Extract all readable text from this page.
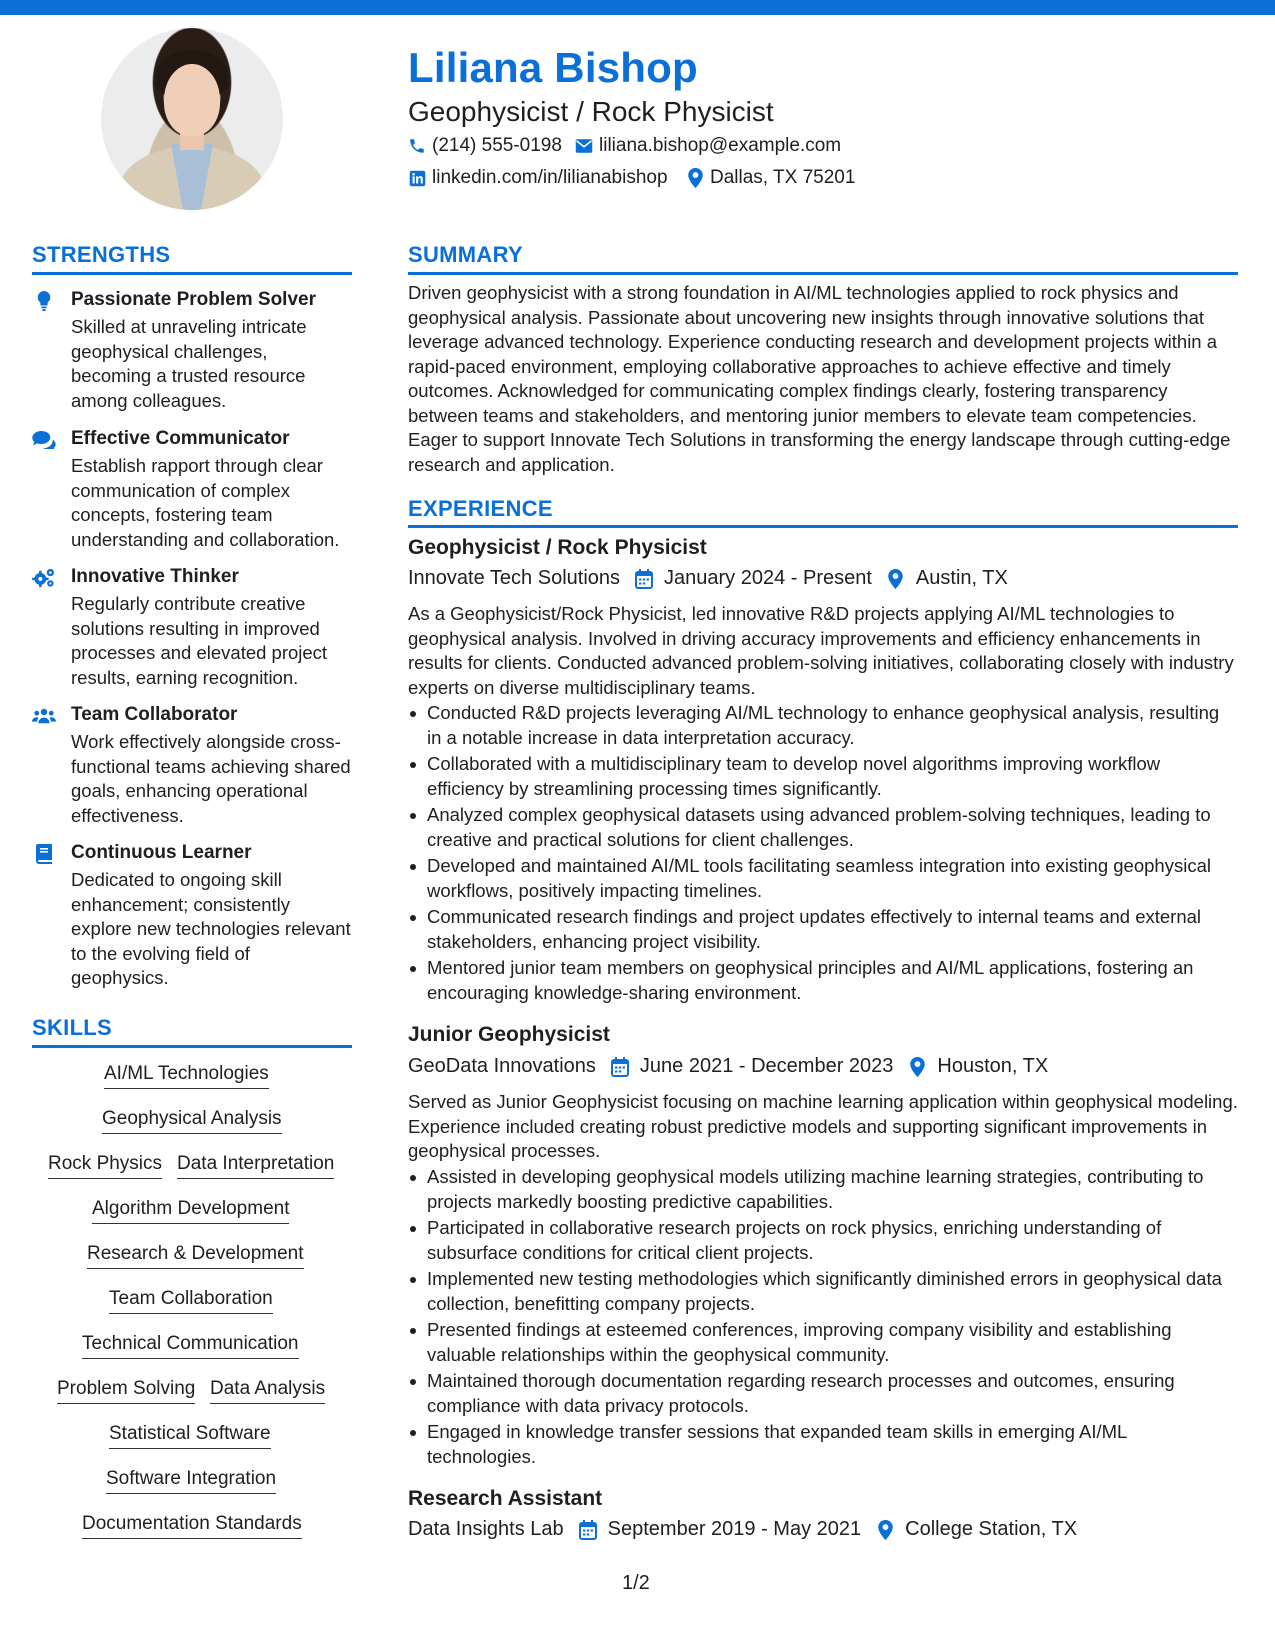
Liliana Bishop
Geophysicist / Rock Physicist
(214) 555-0198 liliana.bishop@example.com
linkedin.com/in/lilianabishop Dallas, TX 75201
STRENGTHS
Passionate Problem Solver
Skilled at unraveling intricate geophysical challenges, becoming a trusted resource among colleagues.
Effective Communicator
Establish rapport through clear communication of complex concepts, fostering team understanding and collaboration.
Innovative Thinker
Regularly contribute creative solutions resulting in improved processes and elevated project results, earning recognition.
Team Collaborator
Work effectively alongside cross-functional teams achieving shared goals, enhancing operational effectiveness.
Continuous Learner
Dedicated to ongoing skill enhancement; consistently explore new technologies relevant to the evolving field of geophysics.
SKILLS
AI/ML Technologies
Geophysical Analysis
Rock Physics Data Interpretation
Algorithm Development
Research & Development
Team Collaboration
Technical Communication
Problem Solving Data Analysis
Statistical Software
Software Integration
Documentation Standards
SUMMARY
Driven geophysicist with a strong foundation in AI/ML technologies applied to rock physics and geophysical analysis. Passionate about uncovering new insights through innovative solutions that leverage advanced technology. Experience conducting research and development projects within a rapid-paced environment, employing collaborative approaches to achieve effective and timely outcomes. Acknowledged for communicating complex findings clearly, fostering transparency between teams and stakeholders, and mentoring junior members to elevate team competencies. Eager to support Innovate Tech Solutions in transforming the energy landscape through cutting-edge research and application.
EXPERIENCE
Geophysicist / Rock Physicist
Innovate Tech Solutions January 2024 - Present Austin, TX
As a Geophysicist/Rock Physicist, led innovative R&D projects applying AI/ML technologies to geophysical analysis. Involved in driving accuracy improvements and efficiency enhancements in results for clients. Conducted advanced problem-solving initiatives, collaborating closely with industry experts on diverse multidisciplinary teams.
Conducted R&D projects leveraging AI/ML technology to enhance geophysical analysis, resulting in a notable increase in data interpretation accuracy.
Collaborated with a multidisciplinary team to develop novel algorithms improving workflow efficiency by streamlining processing times significantly.
Analyzed complex geophysical datasets using advanced problem-solving techniques, leading to creative and practical solutions for client challenges.
Developed and maintained AI/ML tools facilitating seamless integration into existing geophysical workflows, positively impacting timelines.
Communicated research findings and project updates effectively to internal teams and external stakeholders, enhancing project visibility.
Mentored junior team members on geophysical principles and AI/ML applications, fostering an encouraging knowledge-sharing environment.
Junior Geophysicist
GeoData Innovations June 2021 - December 2023 Houston, TX
Served as Junior Geophysicist focusing on machine learning application within geophysical modeling. Experience included creating robust predictive models and supporting significant improvements in geophysical processes.
Assisted in developing geophysical models utilizing machine learning strategies, contributing to projects markedly boosting predictive capabilities.
Participated in collaborative research projects on rock physics, enriching understanding of subsurface conditions for critical client projects.
Implemented new testing methodologies which significantly diminished errors in geophysical data collection, benefitting company projects.
Presented findings at esteemed conferences, improving company visibility and establishing valuable relationships within the geophysical community.
Maintained thorough documentation regarding research processes and outcomes, ensuring compliance with data privacy protocols.
Engaged in knowledge transfer sessions that expanded team skills in emerging AI/ML technologies.
Research Assistant
Data Insights Lab September 2019 - May 2021 College Station, TX
1/2
